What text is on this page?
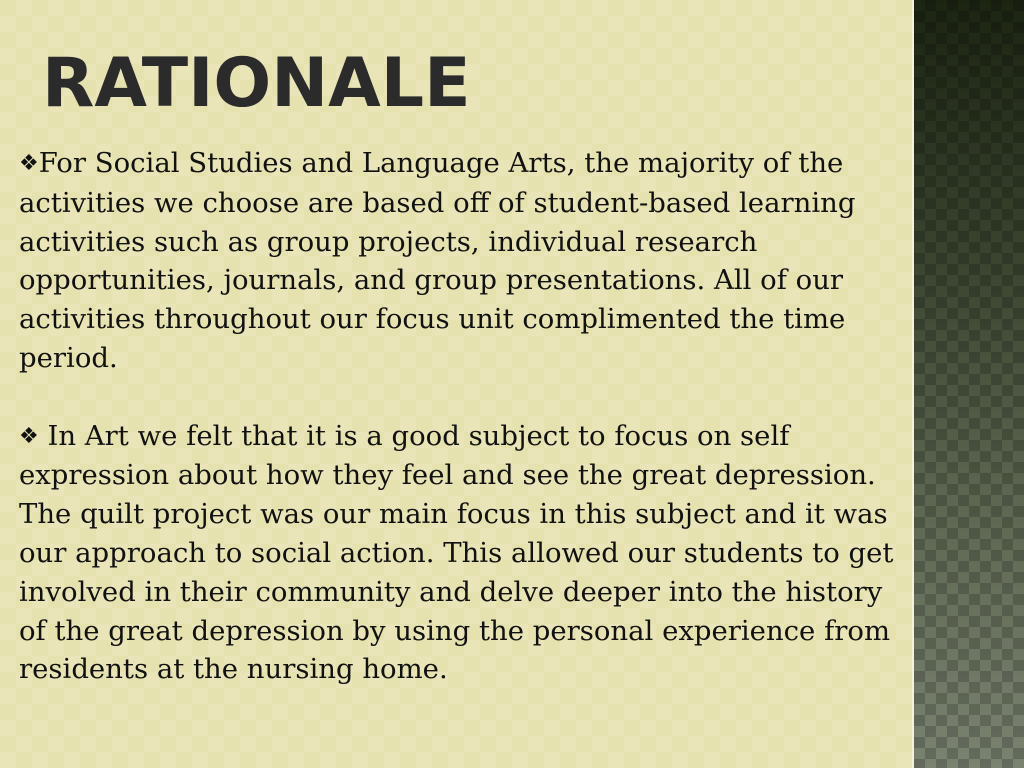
RATIONALE

❖For Social Studies and Language Arts, the majority of the activities we choose are based off of student-based learning activities such as group projects, individual research opportunities, journals, and group presentations. All of our activities throughout our focus unit complimented the time period.

❖ In Art we felt that it is a good subject to focus on self expression about how they feel and see the great depression. The quilt project was our main focus in this subject and it was our approach to social action. This allowed our students to get involved in their community and delve deeper into the history of the great depression by using the personal experience from residents at the nursing home.
